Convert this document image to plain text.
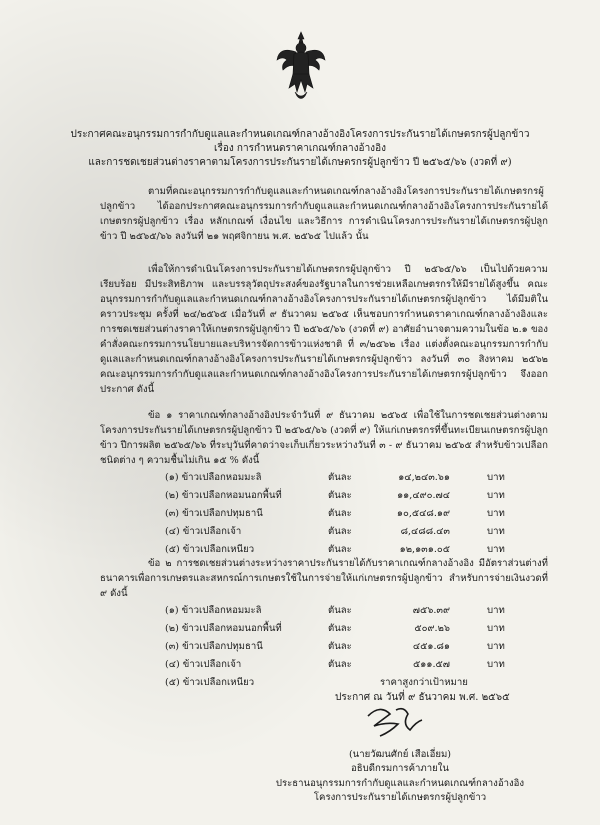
ประกาศคณะอนุกรรมการกำกับดูแลและกำหนดเกณฑ์กลางอ้างอิงโครงการประกันรายได้เกษตรกรผู้ปลูกข้าว
เรื่อง การกำหนดราคาเกณฑ์กลางอ้างอิง
และการชดเชยส่วนต่างราคาตามโครงการประกันรายได้เกษตรกรผู้ปลูกข้าว ปี ๒๕๖๕/๖๖ (งวดที่ ๙)
ตามที่คณะอนุกรรมการกำกับดูแลและกำหนดเกณฑ์กลางอ้างอิงโครงการประกันรายได้เกษตรกรผู้ปลูกข้าว ได้ออกประกาศคณะอนุกรรมการกำกับดูแลและกำหนดเกณฑ์กลางอ้างอิงโครงการประกันรายได้เกษตรกรผู้ปลูกข้าว เรื่อง หลักเกณฑ์ เงื่อนไข และวิธีการ การดำเนินโครงการประกันรายได้เกษตรกรผู้ปลูกข้าว ปี ๒๕๖๕/๖๖ ลงวันที่ ๒๑ พฤศจิกายน พ.ศ. ๒๕๖๕ ไปแล้ว นั้น
เพื่อให้การดำเนินโครงการประกันรายได้เกษตรกรผู้ปลูกข้าว ปี ๒๕๖๕/๖๖ เป็นไปด้วยความเรียบร้อย มีประสิทธิภาพ และบรรลุวัตถุประสงค์ของรัฐบาลในการช่วยเหลือเกษตรกรให้มีรายได้สูงขึ้น คณะอนุกรรมการกำกับดูแลและกำหนดเกณฑ์กลางอ้างอิงโครงการประกันรายได้เกษตรกรผู้ปลูกข้าว ได้มีมติในคราวประชุม ครั้งที่ ๒๔/๒๕๖๕ เมื่อวันที่ ๙ ธันวาคม ๒๕๖๕ เห็นชอบการกำหนดราคาเกณฑ์กลางอ้างอิงและการชดเชยส่วนต่างราคาให้เกษตรกรผู้ปลูกข้าว ปี ๒๕๖๕/๖๖ (งวดที่ ๙) อาศัยอำนาจตามความในข้อ ๒.๑ ของคำสั่งคณะกรรมการนโยบายและบริหารจัดการข้าวแห่งชาติ ที่ ๓/๒๕๖๒ เรื่อง แต่งตั้งคณะอนุกรรมการกำกับดูแลและกำหนดเกณฑ์กลางอ้างอิงโครงการประกันรายได้เกษตรกรผู้ปลูกข้าว ลงวันที่ ๓๐ สิงหาคม ๒๕๖๒ คณะอนุกรรมการกำกับดูแลและกำหนดเกณฑ์กลางอ้างอิงโครงการประกันรายได้เกษตรกรผู้ปลูกข้าว จึงออกประกาศ ดังนี้
ข้อ ๑ ราคาเกณฑ์กลางอ้างอิงประจำวันที่ ๙ ธันวาคม ๒๕๖๕ เพื่อใช้ในการชดเชยส่วนต่างตามโครงการประกันรายได้เกษตรกรผู้ปลูกข้าว ปี ๒๕๖๕/๖๖ (งวดที่ ๙) ให้แก่เกษตรกรที่ขึ้นทะเบียนเกษตรกรผู้ปลูกข้าว ปีการผลิต ๒๕๖๕/๖๖ ที่ระบุวันที่คาดว่าจะเก็บเกี่ยวระหว่างวันที่ ๓ - ๙ ธันวาคม ๒๕๖๕ สำหรับข้าวเปลือกชนิดต่าง ๆ ความชื้นไม่เกิน ๑๕ % ดังนี้
(๑) ข้าวเปลือกหอมมะลิ	ตันละ	๑๔,๒๔๓.๖๑	บาท
(๒) ข้าวเปลือกหอมนอกพื้นที่	ตันละ	๑๑,๔๙๐.๗๔	บาท
(๓) ข้าวเปลือกปทุมธานี	ตันละ	๑๐,๕๔๘.๑๙	บาท
(๔) ข้าวเปลือกเจ้า	ตันละ	๘,๔๘๘.๔๓	บาท
(๕) ข้าวเปลือกเหนียว	ตันละ	๑๒,๑๓๑.๐๕	บาท
ข้อ ๒ การชดเชยส่วนต่างระหว่างราคาประกันรายได้กับราคาเกณฑ์กลางอ้างอิง มีอัตราส่วนต่างที่ธนาคารเพื่อการเกษตรและสหกรณ์การเกษตรใช้ในการจ่ายให้แก่เกษตรกรผู้ปลูกข้าว สำหรับการจ่ายเงินงวดที่ ๙ ดังนี้
(๑) ข้าวเปลือกหอมมะลิ	ตันละ	๗๕๖.๓๙	บาท
(๒) ข้าวเปลือกหอมนอกพื้นที่	ตันละ	๕๐๙.๒๖	บาท
(๓) ข้าวเปลือกปทุมธานี	ตันละ	๔๕๑.๘๑	บาท
(๔) ข้าวเปลือกเจ้า	ตันละ	๕๑๑.๕๗	บาท
(๕) ข้าวเปลือกเหนียว	ราคาสูงกว่าเป้าหมาย
ประกาศ ณ วันที่ ๙ ธันวาคม พ.ศ. ๒๕๖๕
(นายวัฒนศักย์ เสือเอี่ยม)
อธิบดีกรมการค้าภายใน
ประธานอนุกรรมการกำกับดูแลและกำหนดเกณฑ์กลางอ้างอิง
โครงการประกันรายได้เกษตรกรผู้ปลูกข้าว
